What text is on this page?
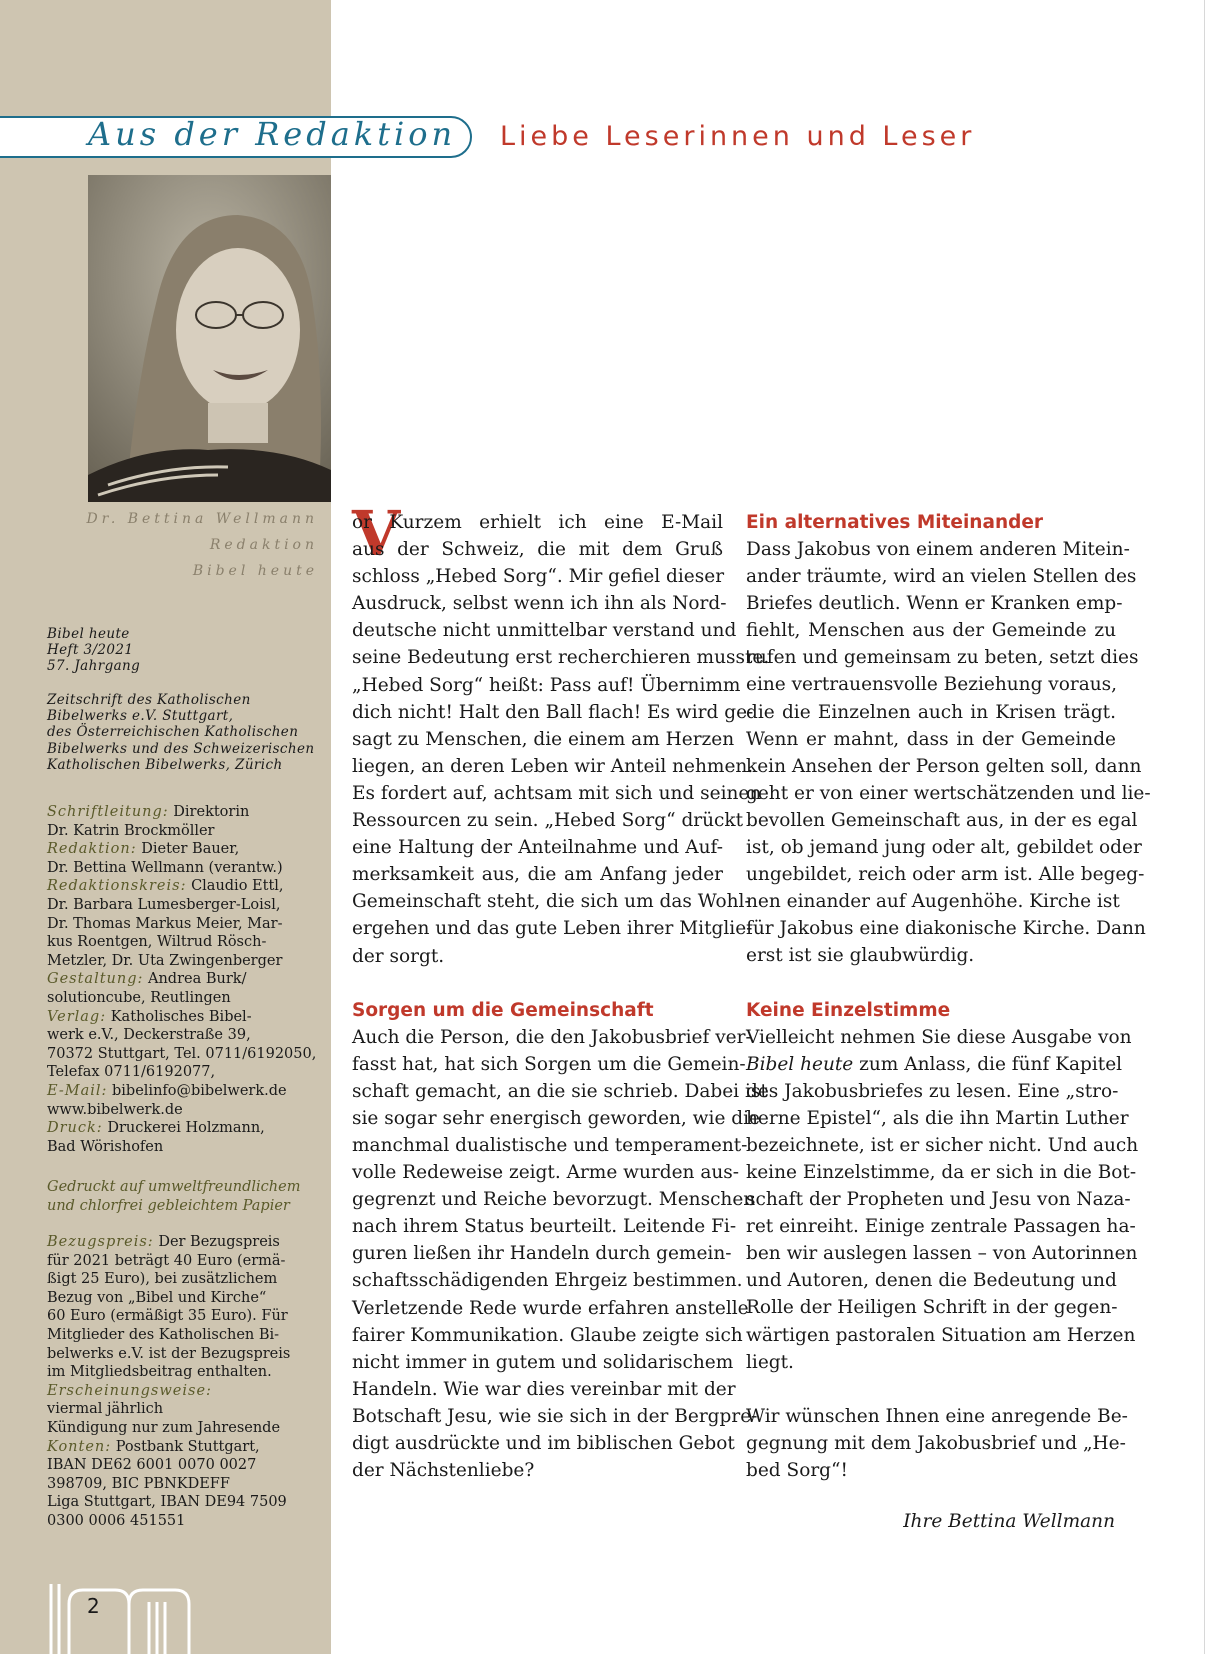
Aus der Redaktion Liebe Leserinnen und Leser
Dr. Bettina Wellmann
Redaktion
Bibel heute
Bibel heute
Heft 3/2021
57. Jahrgang
Zeitschrift des Katholischen
Bibelwerks e.V. Stuttgart,
des Österreichischen Katholischen
Bibelwerks und des Schweizerischen
Katholischen Bibelwerks, Zürich
Schriftleitung: Direktorin
Dr. Katrin Brockmöller
Redaktion: Dieter Bauer,
Dr. Bettina Wellmann (verantw.)
Redaktionskreis: Claudio Ettl,
Dr. Barbara Lumesberger-Loisl,
Dr. Thomas Markus Meier, Mar-
kus Roentgen, Wiltrud Rösch-
Metzler, Dr. Uta Zwingenberger
Gestaltung: Andrea Burk/
solutioncube, Reutlingen
Verlag: Katholisches Bibel-
werk e.V., Deckerstraße 39,
70372 Stuttgart, Tel. 0711/6192050,
Telefax 0711/6192077,
E-Mail: bibelinfo@bibelwerk.de
www.bibelwerk.de
Druck: Druckerei Holzmann,
Bad Wörishofen
Gedruckt auf umweltfreundlichem
und chlorfrei gebleichtem Papier
Bezugspreis: Der Bezugspreis
für 2021 beträgt 40 Euro (ermä-
ßigt 25 Euro), bei zusätzlichem
Bezug von „Bibel und Kirche“
60 Euro (ermäßigt 35 Euro). Für
Mitglieder des Katholischen Bi-
belwerks e.V. ist der Bezugspreis
im Mitgliedsbeitrag enthalten.
Erscheinungsweise:
viermal jährlich
Kündigung nur zum Jahresende
Konten: Postbank Stuttgart,
IBAN DE62 6001 0070 0027
398709, BIC PBNKDEFF
Liga Stuttgart, IBAN DE94 7509
0300 0006 451551
2
V
or Kurzem erhielt ich eine E-Mail
aus der Schweiz, die mit dem Gruß
schloss „Hebed Sorg“. Mir gefiel dieser
Ausdruck, selbst wenn ich ihn als Nord-
deutsche nicht unmittelbar verstand und
seine Bedeutung erst recherchieren musste.
„Hebed Sorg“ heißt: Pass auf! Übernimm
dich nicht! Halt den Ball flach! Es wird ge-
sagt zu Menschen, die einem am Herzen
liegen, an deren Leben wir Anteil nehmen.
Es fordert auf, achtsam mit sich und seinen
Ressourcen zu sein. „Hebed Sorg“ drückt
eine Haltung der Anteilnahme und Auf-
merksamkeit aus, die am Anfang jeder
Gemeinschaft steht, die sich um das Wohl-
ergehen und das gute Leben ihrer Mitglie-
der sorgt.
Sorgen um die Gemeinschaft
Auch die Person, die den Jakobusbrief ver-
fasst hat, hat sich Sorgen um die Gemein-
schaft gemacht, an die sie schrieb. Dabei ist
sie sogar sehr energisch geworden, wie die
manchmal dualistische und temperament-
volle Redeweise zeigt. Arme wurden aus-
gegrenzt und Reiche bevorzugt. Menschen
nach ihrem Status beurteilt. Leitende Fi-
guren ließen ihr Handeln durch gemein-
schaftsschädigenden Ehrgeiz bestimmen.
Verletzende Rede wurde erfahren anstelle
fairer Kommunikation. Glaube zeigte sich
nicht immer in gutem und solidarischem
Handeln. Wie war dies vereinbar mit der
Botschaft Jesu, wie sie sich in der Bergpre-
digt ausdrückte und im biblischen Gebot
der Nächstenliebe?
Ein alternatives Miteinander
Dass Jakobus von einem anderen Mitein-
ander träumte, wird an vielen Stellen des
Briefes deutlich. Wenn er Kranken emp-
fiehlt, Menschen aus der Gemeinde zu
rufen und gemeinsam zu beten, setzt dies
eine vertrauensvolle Beziehung voraus,
die die Einzelnen auch in Krisen trägt.
Wenn er mahnt, dass in der Gemeinde
kein Ansehen der Person gelten soll, dann
geht er von einer wertschätzenden und lie-
bevollen Gemeinschaft aus, in der es egal
ist, ob jemand jung oder alt, gebildet oder
ungebildet, reich oder arm ist. Alle begeg-
nen einander auf Augenhöhe. Kirche ist
für Jakobus eine diakonische Kirche. Dann
erst ist sie glaubwürdig.
Keine Einzelstimme
Vielleicht nehmen Sie diese Ausgabe von
Bibel heute zum Anlass, die fünf Kapitel
des Jakobusbriefes zu lesen. Eine „stro-
herne Epistel“, als die ihn Martin Luther
bezeichnete, ist er sicher nicht. Und auch
keine Einzelstimme, da er sich in die Bot-
schaft der Propheten und Jesu von Naza-
ret einreiht. Einige zentrale Passagen ha-
ben wir auslegen lassen – von Autorinnen
und Autoren, denen die Bedeutung und
Rolle der Heiligen Schrift in der gegen-
wärtigen pastoralen Situation am Herzen
liegt.
Wir wünschen Ihnen eine anregende Be-
gegnung mit dem Jakobusbrief und „He-
bed Sorg“!
Ihre Bettina Wellmann
